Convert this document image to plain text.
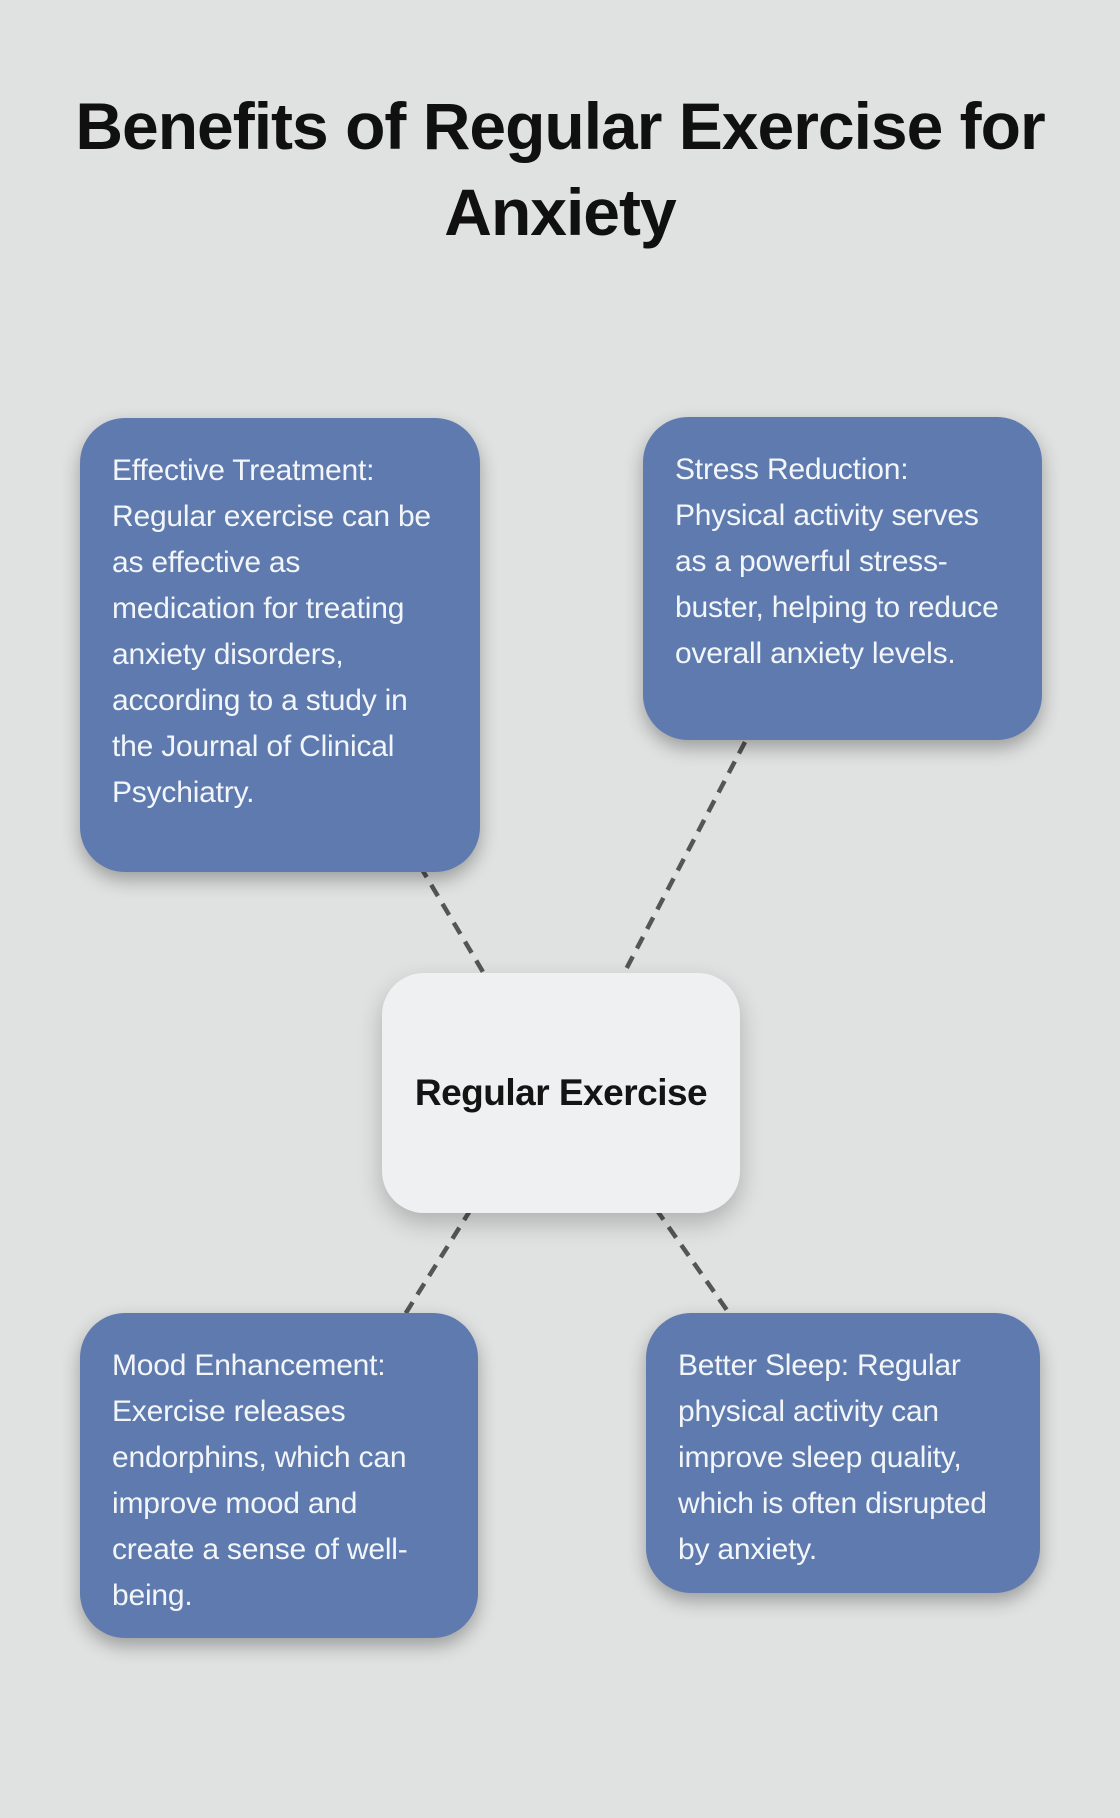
Benefits of Regular Exercise for Anxiety
Effective Treatment: Regular exercise can be as effective as medication for treating anxiety disorders, according to a study in the Journal of Clinical Psychiatry.
Stress Reduction: Physical activity serves as a powerful stress-buster, helping to reduce overall anxiety levels.
Regular Exercise
Mood Enhancement: Exercise releases endorphins, which can improve mood and create a sense of well-being.
Better Sleep: Regular physical activity can improve sleep quality, which is often disrupted by anxiety.
